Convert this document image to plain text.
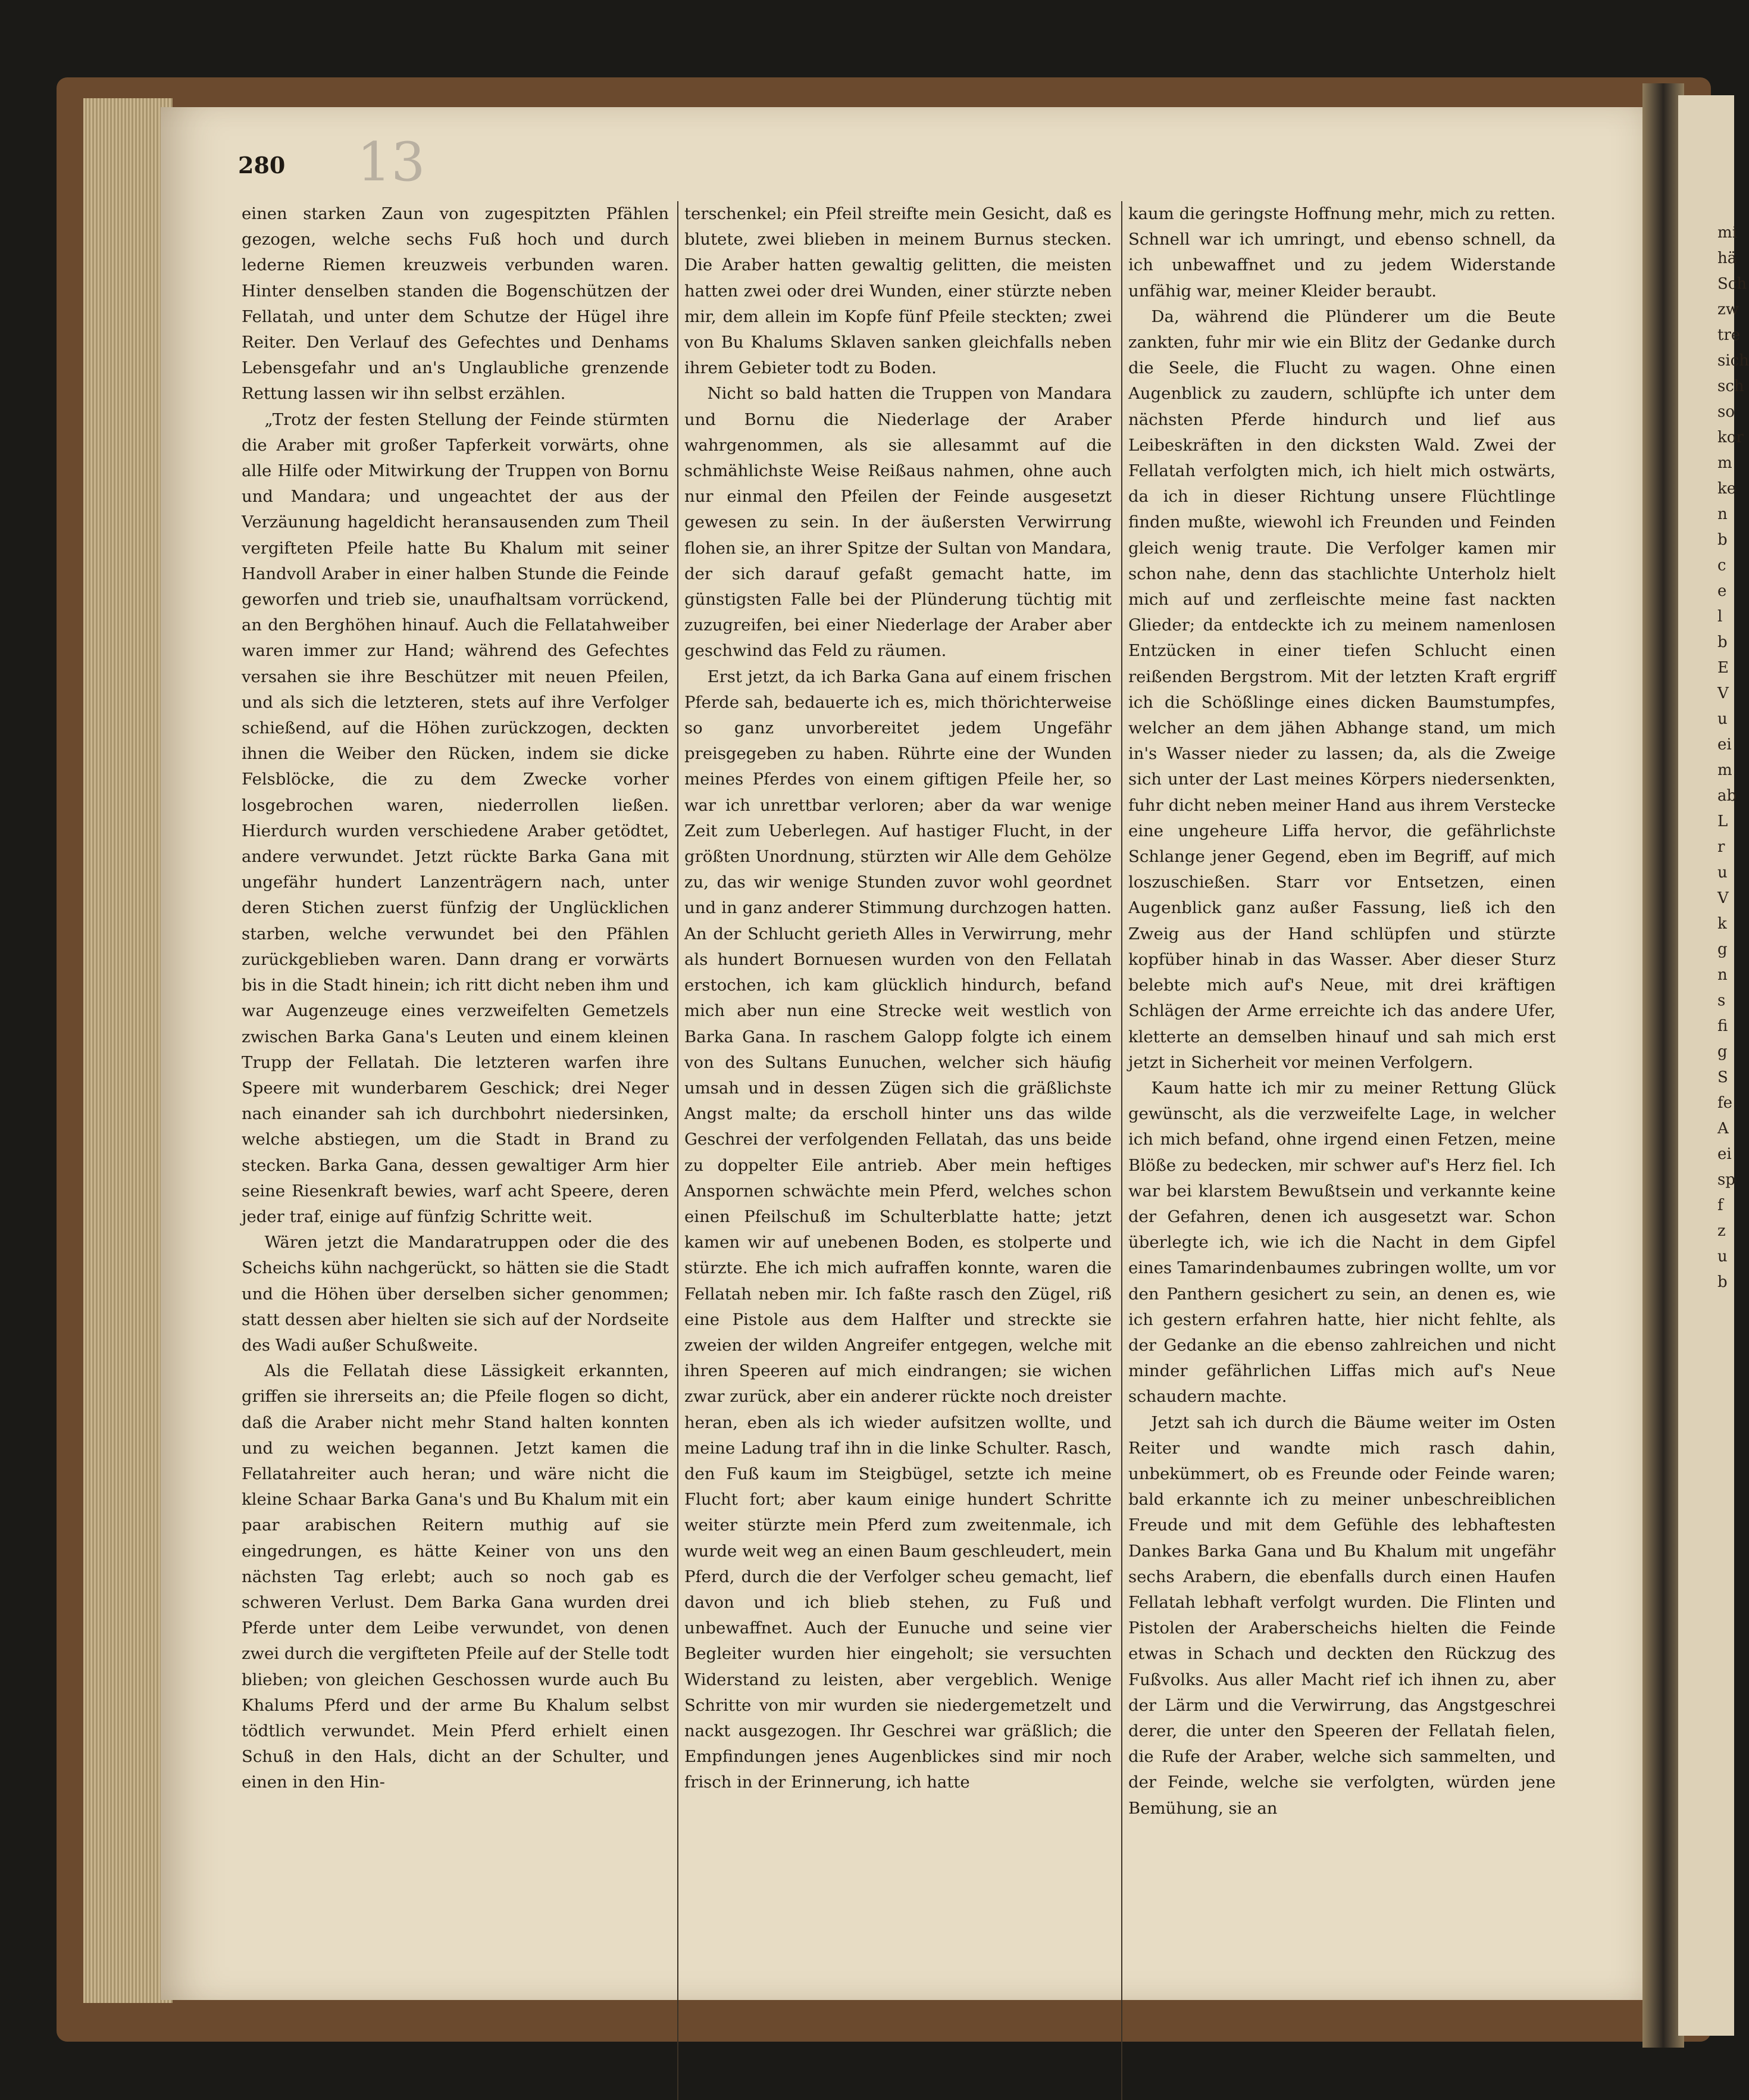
280 13

einen starken Zaun von zugespitzten Pfählen gezogen, welche sechs Fuß hoch und durch lederne Riemen kreuzweis verbunden waren. Hinter denselben standen die Bogenschützen der Fellatah, und unter dem Schutze der Hügel ihre Reiter. Den Verlauf des Gefechtes und Denhams Lebensgefahr und an's Unglaubliche grenzende Rettung lassen wir ihn selbst erzählen.

„Trotz der festen Stellung der Feinde stürmten die Araber mit großer Tapferkeit vorwärts, ohne alle Hilfe oder Mitwirkung der Truppen von Bornu und Mandara; und ungeachtet der aus der Verzäunung hageldicht heransausenden zum Theil vergifteten Pfeile hatte Bu Khalum mit seiner Handvoll Araber in einer halben Stunde die Feinde geworfen und trieb sie, unaufhaltsam vorrückend, an den Berghöhen hinauf. Auch die Fellatahweiber waren immer zur Hand; während des Gefechtes versahen sie ihre Beschützer mit neuen Pfeilen, und als sich die letzteren, stets auf ihre Verfolger schießend, auf die Höhen zurückzogen, deckten ihnen die Weiber den Rücken, indem sie dicke Felsblöcke, die zu dem Zwecke vorher losgebrochen waren, niederrollen ließen. Hierdurch wurden verschiedene Araber getödtet, andere verwundet. Jetzt rückte Barka Gana mit ungefähr hundert Lanzenträgern nach, unter deren Stichen zuerst fünfzig der Unglücklichen starben, welche verwundet bei den Pfählen zurückgeblieben waren. Dann drang er vorwärts bis in die Stadt hinein; ich ritt dicht neben ihm und war Augenzeuge eines verzweifelten Gemetzels zwischen Barka Gana's Leuten und einem kleinen Trupp der Fellatah. Die letzteren warfen ihre Speere mit wunderbarem Geschick; drei Neger nach einander sah ich durchbohrt niedersinken, welche abstiegen, um die Stadt in Brand zu stecken. Barka Gana, dessen gewaltiger Arm hier seine Riesenkraft bewies, warf acht Speere, deren jeder traf, einige auf fünfzig Schritte weit.

Wären jetzt die Mandaratruppen oder die des Scheichs kühn nachgerückt, so hätten sie die Stadt und die Höhen über derselben sicher genommen; statt dessen aber hielten sie sich auf der Nordseite des Wadi außer Schußweite.

Als die Fellatah diese Lässigkeit erkannten, griffen sie ihrerseits an; die Pfeile flogen so dicht, daß die Araber nicht mehr Stand halten konnten und zu weichen begannen. Jetzt kamen die Fellatahreiter auch heran; und wäre nicht die kleine Schaar Barka Gana's und Bu Khalum mit ein paar arabischen Reitern muthig auf sie eingedrungen, es hätte Keiner von uns den nächsten Tag erlebt; auch so noch gab es schweren Verlust. Dem Barka Gana wurden drei Pferde unter dem Leibe verwundet, von denen zwei durch die vergifteten Pfeile auf der Stelle todt blieben; von gleichen Geschossen wurde auch Bu Khalums Pferd und der arme Bu Khalum selbst tödtlich verwundet. Mein Pferd erhielt einen Schuß in den Hals, dicht an der Schulter, und einen in den Hin-

terschenkel; ein Pfeil streifte mein Gesicht, daß es blutete, zwei blieben in meinem Burnus stecken. Die Araber hatten gewaltig gelitten, die meisten hatten zwei oder drei Wunden, einer stürzte neben mir, dem allein im Kopfe fünf Pfeile steckten; zwei von Bu Khalums Sklaven sanken gleichfalls neben ihrem Gebieter todt zu Boden.

Nicht so bald hatten die Truppen von Mandara und Bornu die Niederlage der Araber wahrgenommen, als sie allesammt auf die schmählichste Weise Reißaus nahmen, ohne auch nur einmal den Pfeilen der Feinde ausgesetzt gewesen zu sein. In der äußersten Verwirrung flohen sie, an ihrer Spitze der Sultan von Mandara, der sich darauf gefaßt gemacht hatte, im günstigsten Falle bei der Plünderung tüchtig mit zuzugreifen, bei einer Niederlage der Araber aber geschwind das Feld zu räumen.

Erst jetzt, da ich Barka Gana auf einem frischen Pferde sah, bedauerte ich es, mich thörichterweise so ganz unvorbereitet jedem Ungefähr preisgegeben zu haben. Rührte eine der Wunden meines Pferdes von einem giftigen Pfeile her, so war ich unrettbar verloren; aber da war wenige Zeit zum Ueberlegen. Auf hastiger Flucht, in der größten Unordnung, stürzten wir Alle dem Gehölze zu, das wir wenige Stunden zuvor wohl geordnet und in ganz anderer Stimmung durchzogen hatten. An der Schlucht gerieth Alles in Verwirrung, mehr als hundert Bornuesen wurden von den Fellatah erstochen, ich kam glücklich hindurch, befand mich aber nun eine Strecke weit westlich von Barka Gana. In raschem Galopp folgte ich einem von des Sultans Eunuchen, welcher sich häufig umsah und in dessen Zügen sich die gräßlichste Angst malte; da erscholl hinter uns das wilde Geschrei der verfolgenden Fellatah, das uns beide zu doppelter Eile antrieb. Aber mein heftiges Anspornen schwächte mein Pferd, welches schon einen Pfeilschuß im Schulterblatte hatte; jetzt kamen wir auf unebenen Boden, es stolperte und stürzte. Ehe ich mich aufraffen konnte, waren die Fellatah neben mir. Ich faßte rasch den Zügel, riß eine Pistole aus dem Halfter und streckte sie zweien der wilden Angreifer entgegen, welche mit ihren Speeren auf mich eindrangen; sie wichen zwar zurück, aber ein anderer rückte noch dreister heran, eben als ich wieder aufsitzen wollte, und meine Ladung traf ihn in die linke Schulter. Rasch, den Fuß kaum im Steigbügel, setzte ich meine Flucht fort; aber kaum einige hundert Schritte weiter stürzte mein Pferd zum zweitenmale, ich wurde weit weg an einen Baum geschleudert, mein Pferd, durch die der Verfolger scheu gemacht, lief davon und ich blieb stehen, zu Fuß und unbewaffnet. Auch der Eunuche und seine vier Begleiter wurden hier eingeholt; sie versuchten Widerstand zu leisten, aber vergeblich. Wenige Schritte von mir wurden sie niedergemetzelt und nackt ausgezogen. Ihr Geschrei war gräßlich; die Empfindungen jenes Augenblickes sind mir noch frisch in der Erinnerung, ich hatte

kaum die geringste Hoffnung mehr, mich zu retten. Schnell war ich umringt, und ebenso schnell, da ich unbewaffnet und zu jedem Widerstande unfähig war, meiner Kleider beraubt.

Da, während die Plünderer um die Beute zankten, fuhr mir wie ein Blitz der Gedanke durch die Seele, die Flucht zu wagen. Ohne einen Augenblick zu zaudern, schlüpfte ich unter dem nächsten Pferde hindurch und lief aus Leibeskräften in den dicksten Wald. Zwei der Fellatah verfolgten mich, ich hielt mich ostwärts, da ich in dieser Richtung unsere Flüchtlinge finden mußte, wiewohl ich Freunden und Feinden gleich wenig traute. Die Verfolger kamen mir schon nahe, denn das stachlichte Unterholz hielt mich auf und zerfleischte meine fast nackten Glieder; da entdeckte ich zu meinem namenlosen Entzücken in einer tiefen Schlucht einen reißenden Bergstrom. Mit der letzten Kraft ergriff ich die Schößlinge eines dicken Baumstumpfes, welcher an dem jähen Abhange stand, um mich in's Wasser nieder zu lassen; da, als die Zweige sich unter der Last meines Körpers niedersenkten, fuhr dicht neben meiner Hand aus ihrem Verstecke eine ungeheure Liffa hervor, die gefährlichste Schlange jener Gegend, eben im Begriff, auf mich loszuschießen. Starr vor Entsetzen, einen Augenblick ganz außer Fassung, ließ ich den Zweig aus der Hand schlüpfen und stürzte kopfüber hinab in das Wasser. Aber dieser Sturz belebte mich auf's Neue, mit drei kräftigen Schlägen der Arme erreichte ich das andere Ufer, kletterte an demselben hinauf und sah mich erst jetzt in Sicherheit vor meinen Verfolgern.

Kaum hatte ich mir zu meiner Rettung Glück gewünscht, als die verzweifelte Lage, in welcher ich mich befand, ohne irgend einen Fetzen, meine Blöße zu bedecken, mir schwer auf's Herz fiel. Ich war bei klarstem Bewußtsein und verkannte keine der Gefahren, denen ich ausgesetzt war. Schon überlegte ich, wie ich die Nacht in dem Gipfel eines Tamarindenbaumes zubringen wollte, um vor den Panthern gesichert zu sein, an denen es, wie ich gestern erfahren hatte, hier nicht fehlte, als der Gedanke an die ebenso zahlreichen und nicht minder gefährlichen Liffas mich auf's Neue schaudern machte.

Jetzt sah ich durch die Bäume weiter im Osten Reiter und wandte mich rasch dahin, unbekümmert, ob es Freunde oder Feinde waren; bald erkannte ich zu meiner unbeschreiblichen Freude und mit dem Gefühle des lebhaftesten Dankes Barka Gana und Bu Khalum mit ungefähr sechs Arabern, die ebenfalls durch einen Haufen Fellatah lebhaft verfolgt wurden. Die Flinten und Pistolen der Araberscheichs hielten die Feinde etwas in Schach und deckten den Rückzug des Fußvolks. Aus aller Macht rief ich ihnen zu, aber der Lärm und die Verwirrung, das Angstgeschrei derer, die unter den Speeren der Fellatah fielen, die Rufe der Araber, welche sich sammelten, und der Feinde, welche sie verfolgten, würden jene Bemühung, sie an

mi
hä
Sch
zw
tre
sich
sch
so
kor
m
ke
n
b
c
e
l
b
E
V
u
ei
m
ab
L
r
u
V
k
g
n
s
fi
g
S
fe
A
ei
sp
f
z
u
b
